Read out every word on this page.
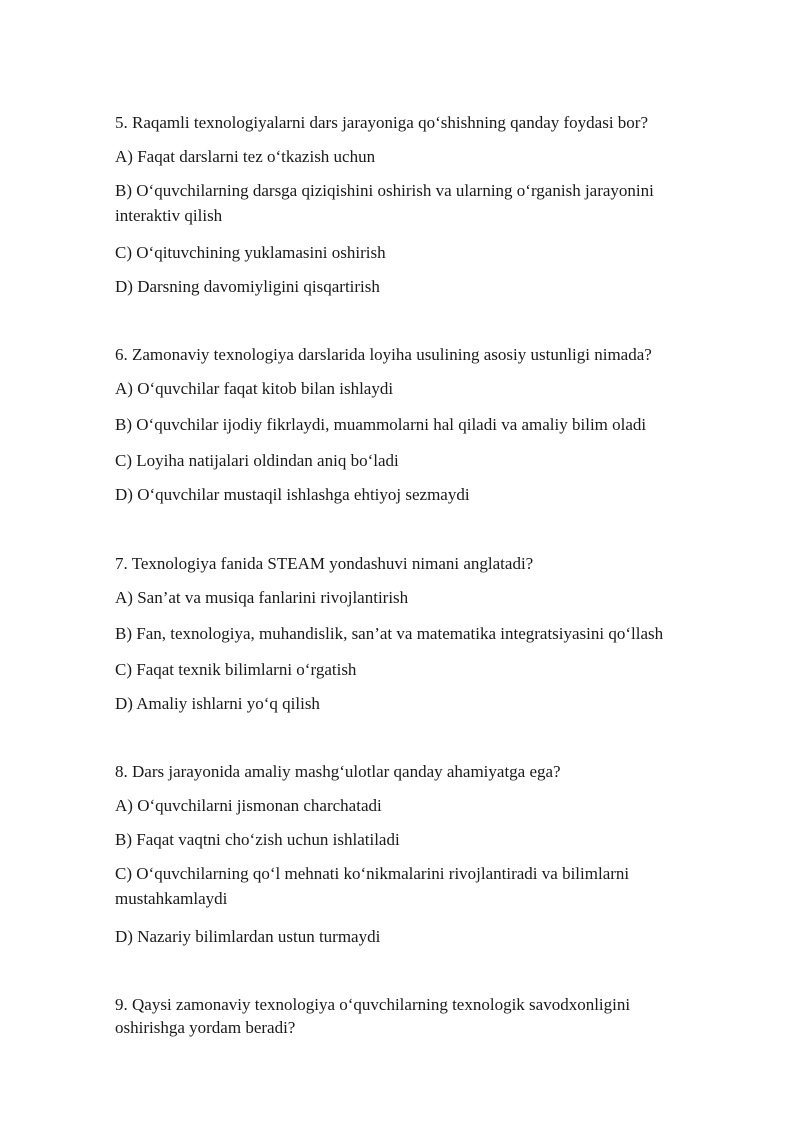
5. Raqamli texnologiyalarni dars jarayoniga qo‘shishning qanday foydasi bor?
A) Faqat darslarni tez o‘tkazish uchun
B) O‘quvchilarning darsga qiziqishini oshirish va ularning o‘rganish jarayonini
interaktiv qilish
C) O‘qituvchining yuklamasini oshirish
D) Darsning davomiyligini qisqartirish
6. Zamonaviy texnologiya darslarida loyiha usulining asosiy ustunligi nimada?
A) O‘quvchilar faqat kitob bilan ishlaydi
B) O‘quvchilar ijodiy fikrlaydi, muammolarni hal qiladi va amaliy bilim oladi
C) Loyiha natijalari oldindan aniq bo‘ladi
D) O‘quvchilar mustaqil ishlashga ehtiyoj sezmaydi
7. Texnologiya fanida STEAM yondashuvi nimani anglatadi?
A) San’at va musiqa fanlarini rivojlantirish
B) Fan, texnologiya, muhandislik, san’at va matematika integratsiyasini qo‘llash
C) Faqat texnik bilimlarni o‘rgatish
D) Amaliy ishlarni yo‘q qilish
8. Dars jarayonida amaliy mashg‘ulotlar qanday ahamiyatga ega?
A) O‘quvchilarni jismonan charchatadi
B) Faqat vaqtni cho‘zish uchun ishlatiladi
C) O‘quvchilarning qo‘l mehnati ko‘nikmalarini rivojlantiradi va bilimlarni
mustahkamlaydi
D) Nazariy bilimlardan ustun turmaydi
9. Qaysi zamonaviy texnologiya o‘quvchilarning texnologik savodxonligini
oshirishga yordam beradi?
